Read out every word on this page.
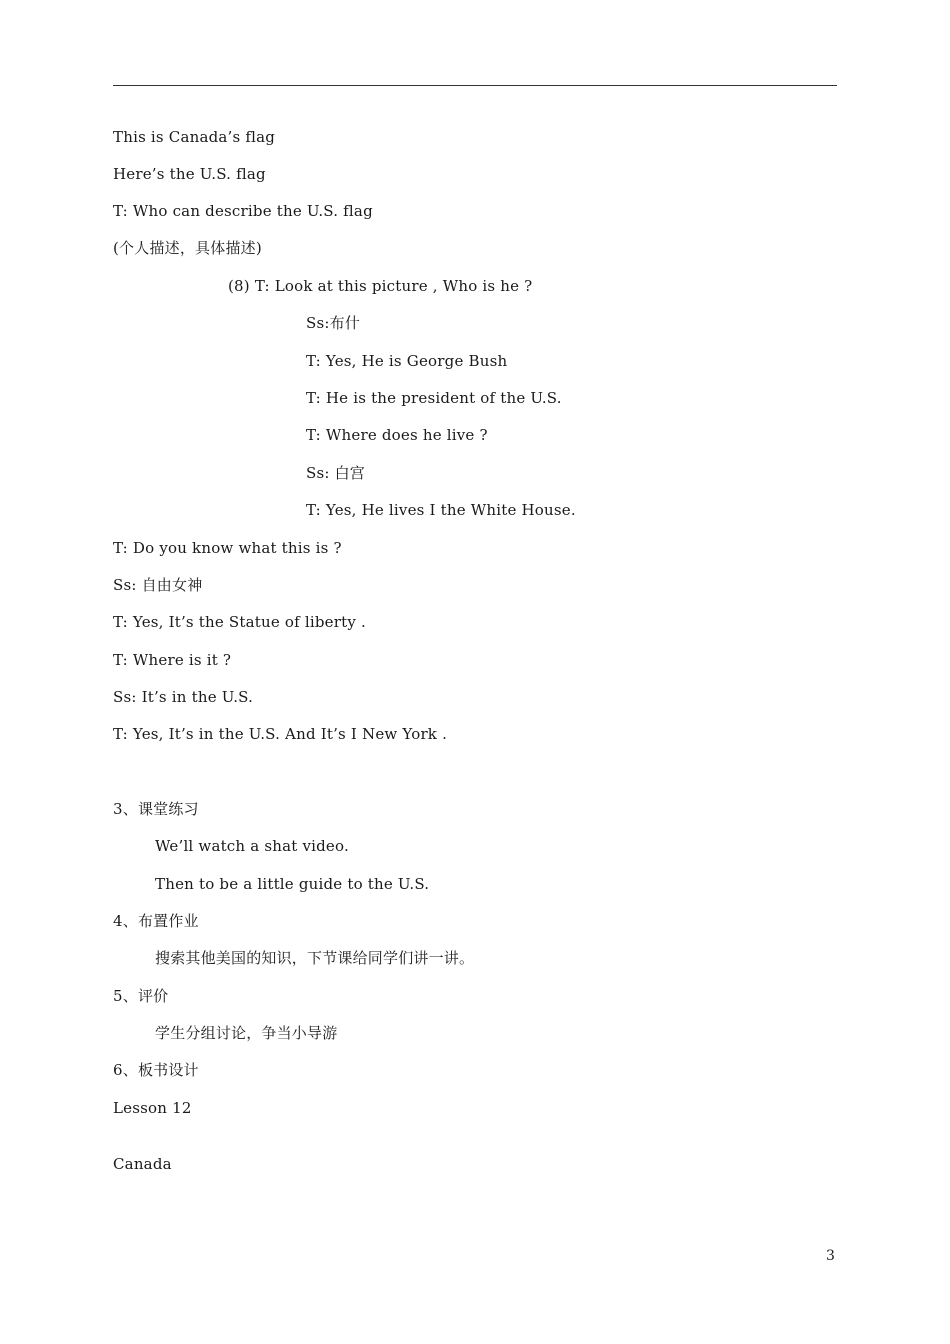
This is Canada’s flag
Here’s the U.S. flag
T: Who can describe the U.S. flag
(个人描述，具体描述)
(8) T: Look at this picture , Who is he ?
Ss:布什
T: Yes, He is George Bush
T: He is the president of the U.S.
T: Where does he live ?
Ss: 白宫
T: Yes, He lives I the White House.
T: Do you know what this is ?
Ss: 自由女神
T: Yes, It’s the Statue of liberty .
T: Where is it ?
Ss: It’s in the U.S.
T: Yes, It’s in the U.S. And It’s I New York .
3、课堂练习
We’ll watch a shat video.
Then to be a little guide to the U.S.
4、布置作业
搜索其他美国的知识，下节课给同学们讲一讲。
5、评价
学生分组讨论，争当小导游
6、板书设计
Lesson 12
Canada
3
